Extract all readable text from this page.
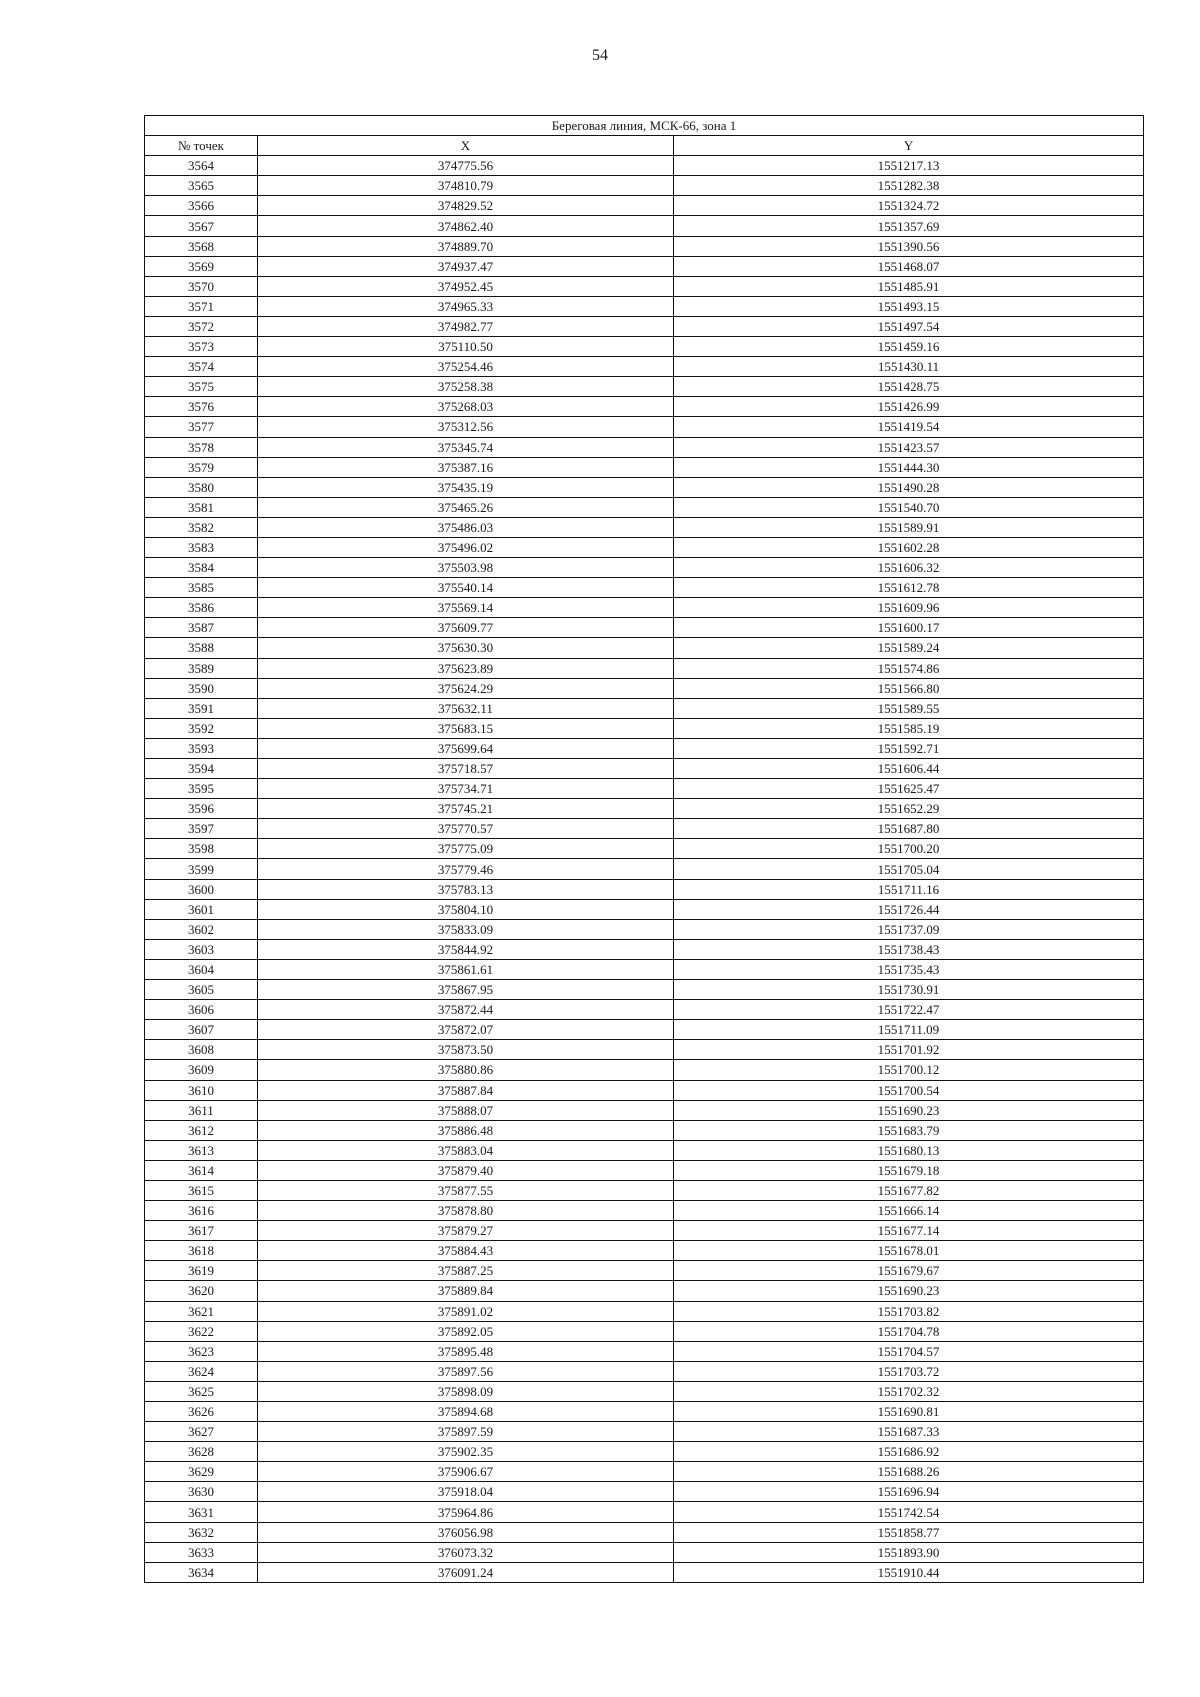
54
Береговая линия, МСК-66, зона 1		
№ точек	X	Y
3564	374775.56	1551217.13
3565	374810.79	1551282.38
3566	374829.52	1551324.72
3567	374862.40	1551357.69
3568	374889.70	1551390.56
3569	374937.47	1551468.07
3570	374952.45	1551485.91
3571	374965.33	1551493.15
3572	374982.77	1551497.54
3573	375110.50	1551459.16
3574	375254.46	1551430.11
3575	375258.38	1551428.75
3576	375268.03	1551426.99
3577	375312.56	1551419.54
3578	375345.74	1551423.57
3579	375387.16	1551444.30
3580	375435.19	1551490.28
3581	375465.26	1551540.70
3582	375486.03	1551589.91
3583	375496.02	1551602.28
3584	375503.98	1551606.32
3585	375540.14	1551612.78
3586	375569.14	1551609.96
3587	375609.77	1551600.17
3588	375630.30	1551589.24
3589	375623.89	1551574.86
3590	375624.29	1551566.80
3591	375632.11	1551589.55
3592	375683.15	1551585.19
3593	375699.64	1551592.71
3594	375718.57	1551606.44
3595	375734.71	1551625.47
3596	375745.21	1551652.29
3597	375770.57	1551687.80
3598	375775.09	1551700.20
3599	375779.46	1551705.04
3600	375783.13	1551711.16
3601	375804.10	1551726.44
3602	375833.09	1551737.09
3603	375844.92	1551738.43
3604	375861.61	1551735.43
3605	375867.95	1551730.91
3606	375872.44	1551722.47
3607	375872.07	1551711.09
3608	375873.50	1551701.92
3609	375880.86	1551700.12
3610	375887.84	1551700.54
3611	375888.07	1551690.23
3612	375886.48	1551683.79
3613	375883.04	1551680.13
3614	375879.40	1551679.18
3615	375877.55	1551677.82
3616	375878.80	1551666.14
3617	375879.27	1551677.14
3618	375884.43	1551678.01
3619	375887.25	1551679.67
3620	375889.84	1551690.23
3621	375891.02	1551703.82
3622	375892.05	1551704.78
3623	375895.48	1551704.57
3624	375897.56	1551703.72
3625	375898.09	1551702.32
3626	375894.68	1551690.81
3627	375897.59	1551687.33
3628	375902.35	1551686.92
3629	375906.67	1551688.26
3630	375918.04	1551696.94
3631	375964.86	1551742.54
3632	376056.98	1551858.77
3633	376073.32	1551893.90
3634	376091.24	1551910.44
